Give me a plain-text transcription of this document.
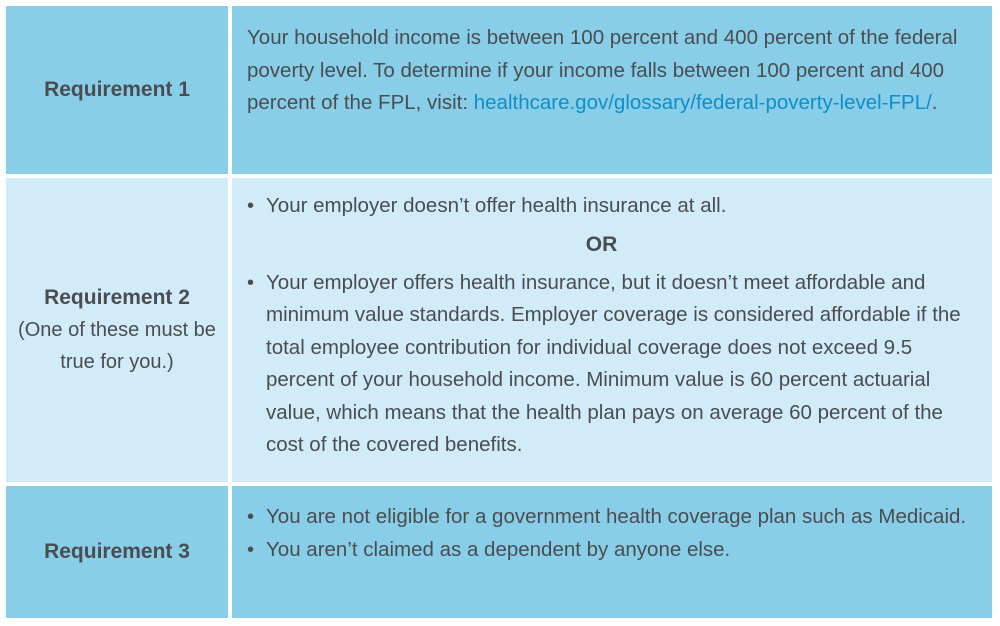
Requirement 1
Your household income is between 100 percent and 400 percent of the federal poverty level. To determine if your income falls between 100 percent and 400 percent of the FPL, visit: healthcare.gov/glossary/federal-poverty-level-FPL/.
Requirement 2
(One of these must be true for you.)
• Your employer doesn’t offer health insurance at all.
OR
• Your employer offers health insurance, but it doesn’t meet affordable and minimum value standards. Employer coverage is considered affordable if the total employee contribution for individual coverage does not exceed 9.5 percent of your household income. Minimum value is 60 percent actuarial value, which means that the health plan pays on average 60 percent of the cost of the covered benefits.
Requirement 3
• You are not eligible for a government health coverage plan such as Medicaid.
• You aren’t claimed as a dependent by anyone else.
